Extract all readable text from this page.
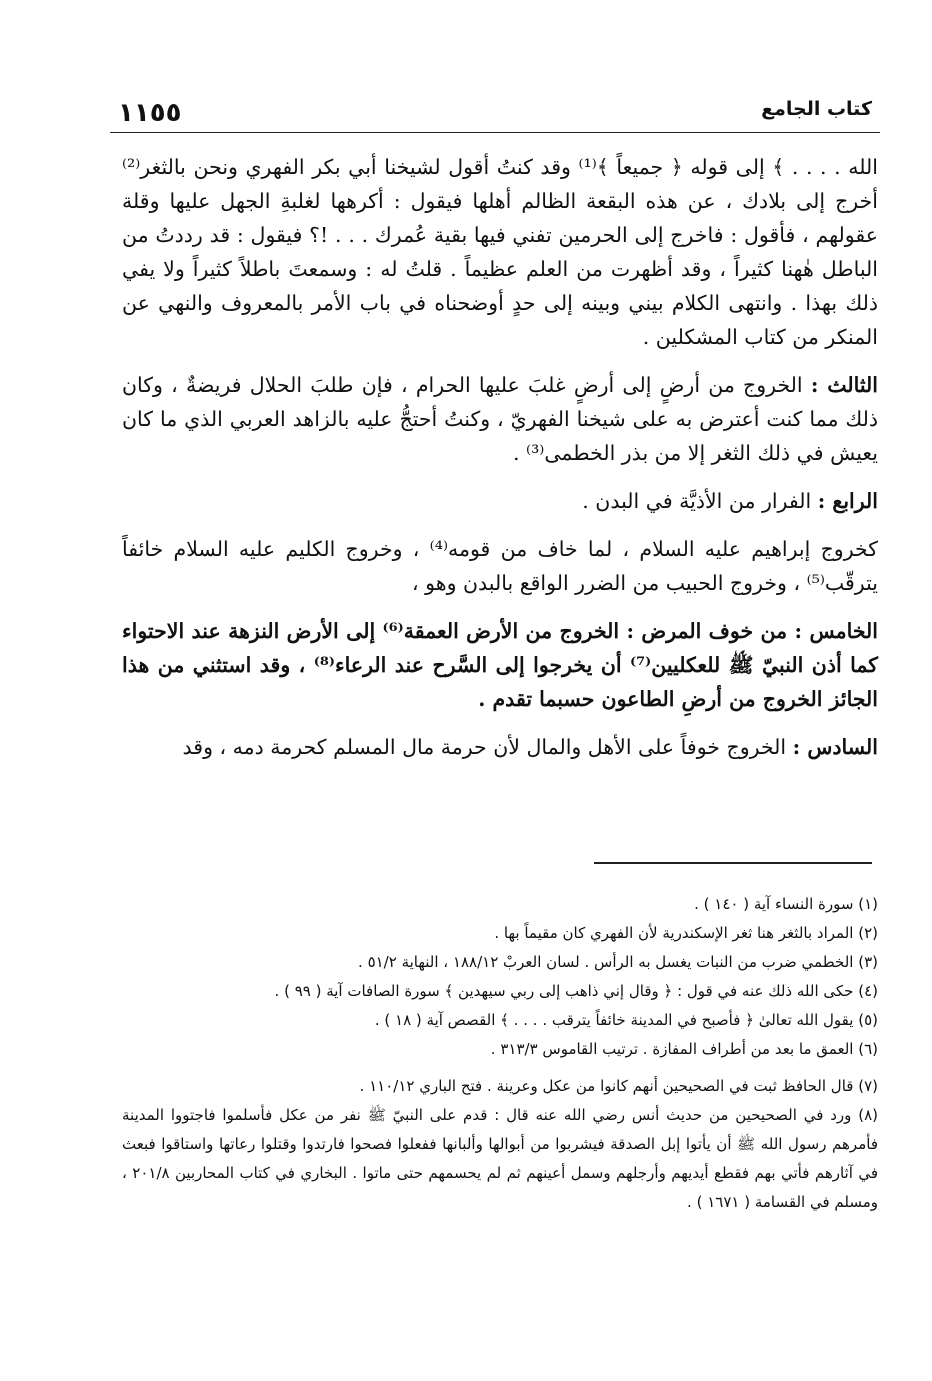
١١٥٥	كتاب الجامع

الله . . . . ﴾ إلى قوله ﴿ جميعاً ﴾⁽¹⁾ وقد كنتُ أقول لشيخنا أبي بكر الفهري ونحن بالثغر⁽²⁾ أخرج إلى بلادك ، عن هذه البقعة الظالم أهلها فيقول : أكرهها لغلبةِ الجهل عليها وقلة عقولهم ، فأقول : فاخرج إلى الحرمين تفني فيها بقية عُمرك . . . !؟ فيقول : قد رددتُ من الباطل هٰهنا كثيراً ، وقد أظهرت من العلم عظيماً . قلتُ له : وسمعتَ باطلاً كثيراً ولا يفي ذلك بهذا . وانتهى الكلام بيني وبينه إلى حدٍ أوضحناه في باب الأمر بالمعروف والنهي عن المنكر من كتاب المشكلين .

الثالث : الخروج من أرضٍ إلى أرضٍ غلبَ عليها الحرام ، فإن طلبَ الحلال فريضةٌ ، وكان ذلك مما كنت أعترض به على شيخنا الفهريّ ، وكنتُ أحتجُّ عليه بالزاهد العربي الذي ما كان يعيش في ذلك الثغر إلا من بذر الخطمى⁽³⁾ .

الرابع : الفرار من الأذيَّة في البدن .

كخروج إبراهيم عليه السلام ، لما خاف من قومه⁽⁴⁾ ، وخروج الكليم عليه السلام خائفاً يترقّب⁽⁵⁾ ، وخروج الحبيب من الضرر الواقع بالبدن وهو ،

الخامس : من خوف المرض : الخروج من الأرض العمقة⁽⁶⁾ إلى الأرض النزهة عند الاحتواء كما أذن النبيّ ﷺ للعكليين⁽⁷⁾ أن يخرجوا إلى السَّرح عند الرعاء⁽⁸⁾ ، وقد استثني من هذا الجائز الخروج من أرضِ الطاعون حسبما تقدم .

السادس : الخروج خوفاً على الأهل والمال لأن حرمة مال المسلم كحرمة دمه ، وقد

(١) سورة النساء آية ( ١٤٠ ) .

(٢) المراد بالثغر هنا ثغر الإسكندرية لأن الفهري كان مقيماً بها .

(٣) الخطمي ضرب من النبات يغسل به الرأس . لسان العربْ ١٨٨/١٢ ، النهاية ٥١/٢ .

(٤) حكى الله ذلك عنه في قول : ﴿ وقال إني ذاهب إلى ربي سيهدين ﴾ سورة الصافات آية ( ٩٩ ) .

(٥) يقول الله تعالىٰ ﴿ فأصبح في المدينة خائفاً يترقب . . . . ﴾ القصص آية ( ١٨ ) .

(٦) العمق ما بعد من أطراف المفازة . ترتيب القاموس ٣١٣/٣ .

(٧) قال الحافظ ثبت في الصحيحين أنهم كانوا من عكل وعرينة . فتح الباري ١١٠/١٢ .

(٨) ورد في الصحيحين من حديث أنس رضي الله عنه قال : قدم على النبيّ ﷺ نفر من عكل فأسلموا فاجتووا المدينة فأمرهم رسول الله ﷺ أن يأتوا إبل الصدقة فيشربوا من أبوالها وألبانها ففعلوا فصحوا فارتدوا وقتلوا رعاتها واستاقوا فبعث في آثارهم فأتي بهم فقطع أيديهم وأرجلهم وسمل أعينهم ثم لم يحسمهم حتى ماتوا . البخاري في كتاب المحاربين ٢٠١/٨ ، ومسلم في القسامة ( ١٦٧١ ) .
